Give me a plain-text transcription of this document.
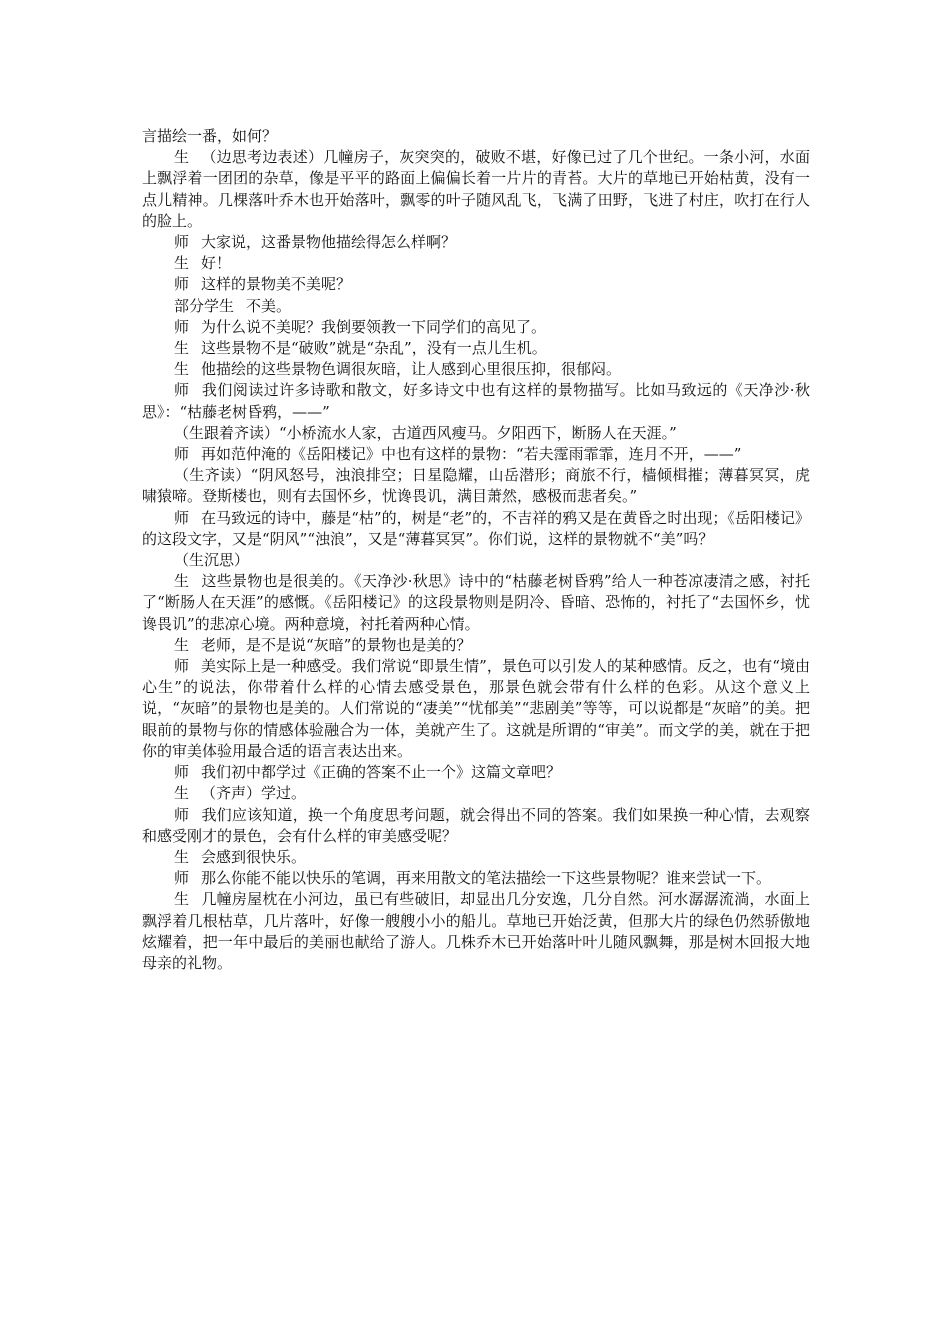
言描绘一番，如何？

生 （边思考边表述）几幢房子，灰突突的，破败不堪，好像已过了几个世纪。一条小河，水面上飘浮着一团团的杂草，像是平平的路面上偏偏长着一片片的青苔。大片的草地已开始枯黄，没有一点儿精神。几棵落叶乔木也开始落叶，飘零的叶子随风乱飞，飞满了田野，飞进了村庄，吹打在行人的脸上。

师 大家说，这番景物他描绘得怎么样啊？

生 好！

师 这样的景物美不美呢？

部分学生 不美。

师 为什么说不美呢？我倒要领教一下同学们的高见了。

生 这些景物不是“破败”就是“杂乱”，没有一点儿生机。

生 他描绘的这些景物色调很灰暗，让人感到心里很压抑，很郁闷。

师 我们阅读过许多诗歌和散文，好多诗文中也有这样的景物描写。比如马致远的《天净沙·秋思》：“枯藤老树昏鸦，——”

（生跟着齐读）“小桥流水人家，古道西风瘦马。夕阳西下，断肠人在天涯。”

师 再如范仲淹的《岳阳楼记》中也有这样的景物：“若夫霪雨霏霏，连月不开，——”

（生齐读）“阴风怒号，浊浪排空；日星隐耀，山岳潜形；商旅不行，樯倾楫摧；薄暮冥冥，虎啸猿啼。登斯楼也，则有去国怀乡，忧谗畏讥，满目萧然，感极而悲者矣。”

师 在马致远的诗中，藤是“枯”的，树是“老”的，不吉祥的鸦又是在黄昏之时出现；《岳阳楼记》的这段文字，又是“阴风”“浊浪”，又是“薄暮冥冥”。你们说，这样的景物就不“美”吗？

（生沉思）

生 这些景物也是很美的。《天净沙·秋思》诗中的“枯藤老树昏鸦”给人一种苍凉凄清之感，衬托了“断肠人在天涯”的感慨。《岳阳楼记》的这段景物则是阴冷、昏暗、恐怖的，衬托了“去国怀乡，忧谗畏讥”的悲凉心境。两种意境，衬托着两种心情。

生 老师，是不是说“灰暗”的景物也是美的？

师 美实际上是一种感受。我们常说“即景生情”，景色可以引发人的某种感情。反之，也有“境由心生”的说法，你带着什么样的心情去感受景色，那景色就会带有什么样的色彩。从这个意义上说，“灰暗”的景物也是美的。人们常说的“凄美”“忧郁美”“悲剧美”等等，可以说都是“灰暗”的美。把眼前的景物与你的情感体验融合为一体，美就产生了。这就是所谓的“审美”。而文学的美，就在于把你的审美体验用最合适的语言表达出来。

师 我们初中都学过《正确的答案不止一个》这篇文章吧？

生 （齐声）学过。

师 我们应该知道，换一个角度思考问题，就会得出不同的答案。我们如果换一种心情，去观察和感受刚才的景色，会有什么样的审美感受呢？

生 会感到很快乐。

师 那么你能不能以快乐的笔调，再来用散文的笔法描绘一下这些景物呢？谁来尝试一下。

生 几幢房屋枕在小河边，虽已有些破旧，却显出几分安逸，几分自然。河水潺潺流淌，水面上飘浮着几根枯草，几片落叶，好像一艘艘小小的船儿。草地已开始泛黄，但那大片的绿色仍然骄傲地炫耀着，把一年中最后的美丽也献给了游人。几株乔木已开始落叶叶儿随风飘舞，那是树木回报大地母亲的礼物。
